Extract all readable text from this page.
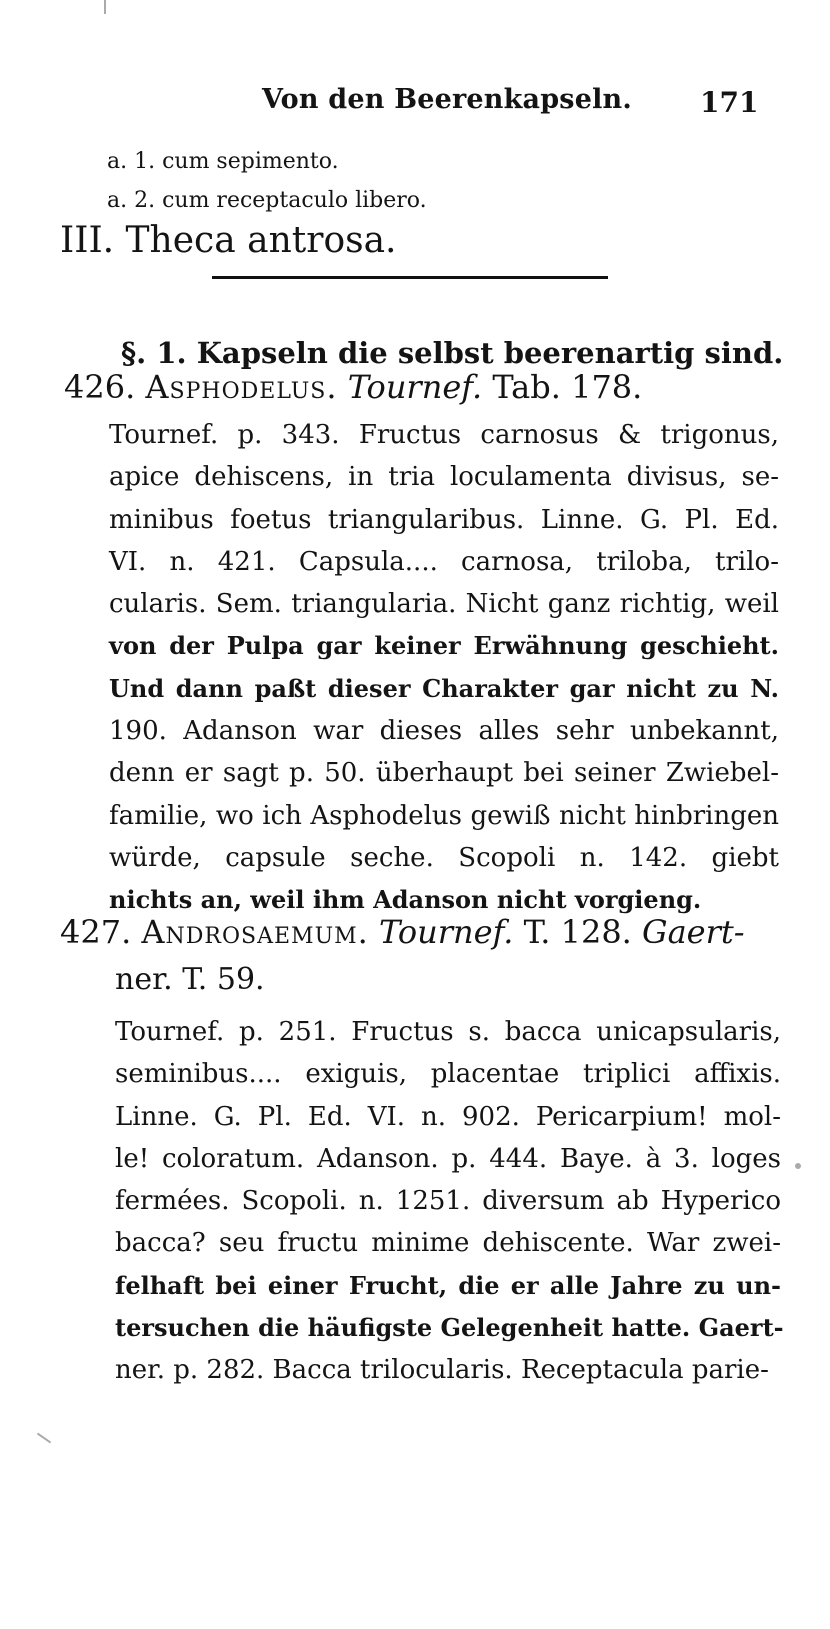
Von den Beerenkapseln. 171
a. 1. cum sepimento.
a. 2. cum receptaculo libero.
III. Theca antrosa.
§. 1. Kapseln die selbst beerenartig sind.
426. Asphodelus. Tournef. Tab. 178.
Tournef. p. 343. Fructus carnosus & trigonus,
apice dehiscens, in tria loculamenta divisus, se-
minibus foetus triangularibus. Linne. G. Pl. Ed.
VI. n. 421. Capsula.... carnosa, triloba, trilo-
cularis. Sem. triangularia. Nicht ganz richtig, weil
von der Pulpa gar keiner Erwähnung geschieht.
Und dann paßt dieser Charakter gar nicht zu N.
190. Adanson war dieses alles sehr unbekannt,
denn er sagt p. 50. überhaupt bei seiner Zwiebel-
familie, wo ich Asphodelus gewiß nicht hinbringen
würde, capsule seche. Scopoli n. 142. giebt
nichts an, weil ihm Adanson nicht vorgieng.
427. Androsaemum. Tournef. T. 128. Gaert-
ner. T. 59.
Tournef. p. 251. Fructus s. bacca unicapsularis,
seminibus.... exiguis, placentae triplici affixis.
Linne. G. Pl. Ed. VI. n. 902. Pericarpium! mol-
le! coloratum. Adanson. p. 444. Baye. à 3. loges
fermées. Scopoli. n. 1251. diversum ab Hyperico
bacca? seu fructu minime dehiscente. War zwei-
felhaft bei einer Frucht, die er alle Jahre zu un-
tersuchen die häufigste Gelegenheit hatte. Gaert-
ner. p. 282. Bacca trilocularis. Receptacula parie-
